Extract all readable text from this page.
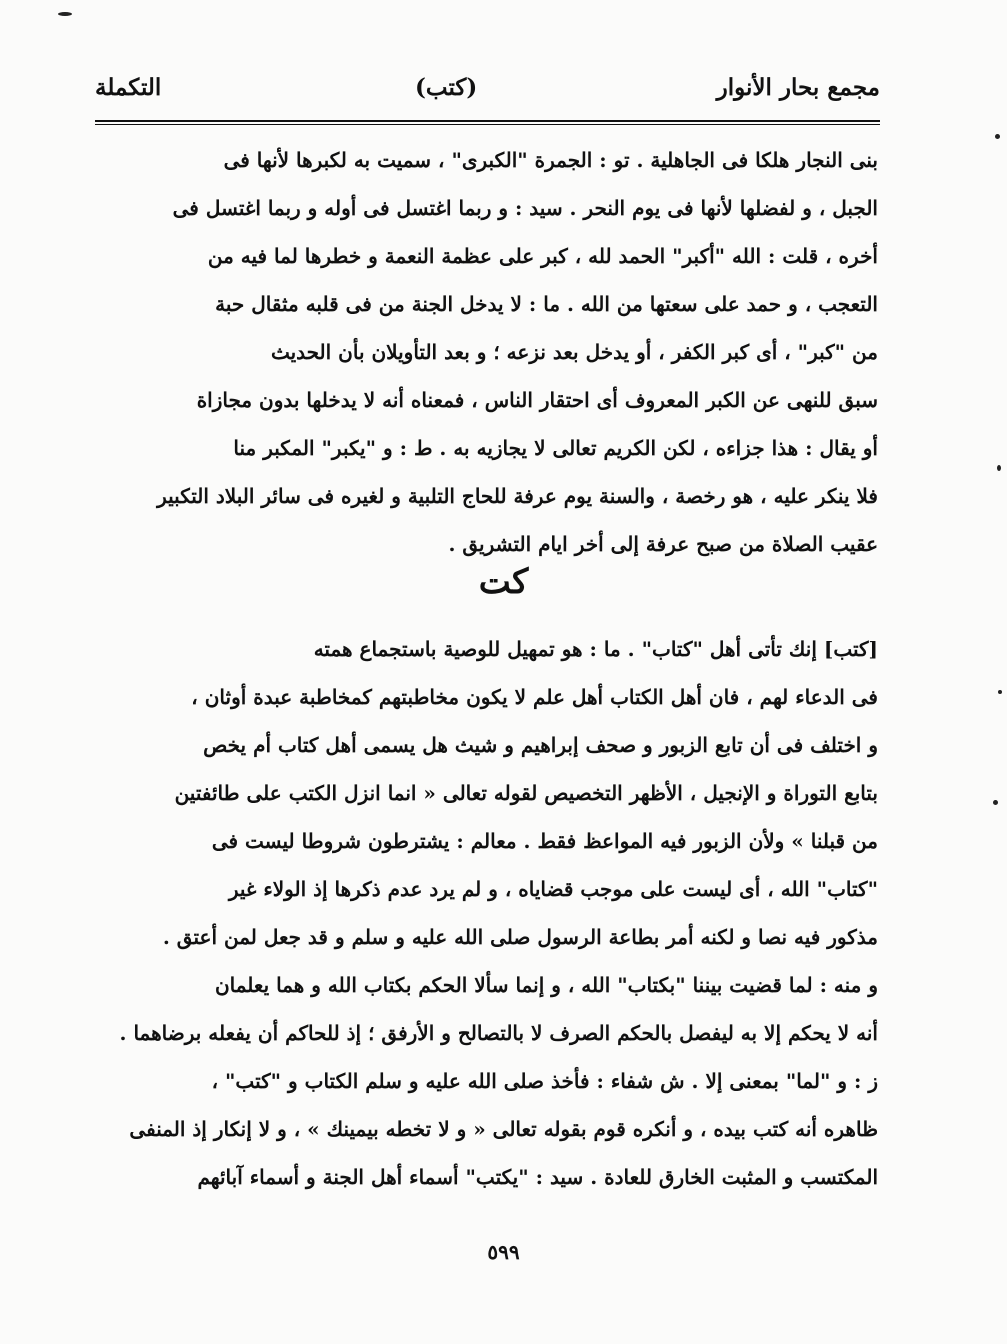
مجمع بحار الأنوار
(كتب)
التكملة
بنى النجار هلكا فى الجاهلية . تو : الجمرة "الكبرى" ، سميت به لكبرها لأنها فى
الجبل ، و لفضلها لأنها فى يوم النحر . سيد : و ربما اغتسل فى أوله و ربما اغتسل فى
أخره ، قلت : الله "أكبر" الحمد لله ، كبر على عظمة النعمة و خطرها لما فيه من
التعجب ، و حمد على سعتها من الله . ما : لا يدخل الجنة من فى قلبه مثقال حبة
من "كبر" ، أى كبر الكفر ، أو يدخل بعد نزعه ؛ و بعد التأويلان بأن الحديث
سبق للنهى عن الكبر المعروف أى احتقار الناس ، فمعناه أنه لا يدخلها بدون مجازاة
أو يقال : هذا جزاءه ، لكن الكريم تعالى لا يجازيه به . ط : و "يكبر" المكبر منا
فلا ينكر عليه ، هو رخصة ، والسنة يوم عرفة للحاج التلبية و لغيره فى سائر البلاد التكبير
عقيب الصلاة من صبح عرفة إلى أخر ايام التشريق .
كت
[كتب] إنك تأتى أهل "كتاب" . ما : هو تمهيل للوصية باستجماع همته
فى الدعاء لهم ، فان أهل الكتاب أهل علم لا يكون مخاطبتهم كمخاطبة عبدة أوثان ،
و اختلف فى أن تابع الزبور و صحف إبراهيم و شيث هل يسمى أهل كتاب أم يخص
بتابع التوراة و الإنجيل ، الأظهر التخصيص لقوله تعالى « انما انزل الكتب على طائفتين
من قبلنا » ولأن الزبور فيه المواعظ فقط . معالم : يشترطون شروطا ليست فى
"كتاب" الله ، أى ليست على موجب قضاياه ، و لم يرد عدم ذكرها إذ الولاء غير
مذكور فيه نصا و لكنه أمر بطاعة الرسول صلى الله عليه و سلم و قد جعل لمن أعتق .
و منه : لما قضيت بيننا "بكتاب" الله ، و إنما سألا الحكم بكتاب الله و هما يعلمان
أنه لا يحكم إلا به ليفصل بالحكم الصرف لا بالتصالح و الأرفق ؛ إذ للحاكم أن يفعله برضاهما .
ز : و "لما" بمعنى إلا . ش شفاء : فأخذ صلى الله عليه و سلم الكتاب و "كتب" ،
ظاهره أنه كتب بيده ، و أنكره قوم بقوله تعالى « و لا تخطه بيمينك » ، و لا إنكار إذ المنفى
المكتسب و المثبت الخارق للعادة . سيد : "يكتب" أسماء أهل الجنة و أسماء آبائهم
٥٩٩
